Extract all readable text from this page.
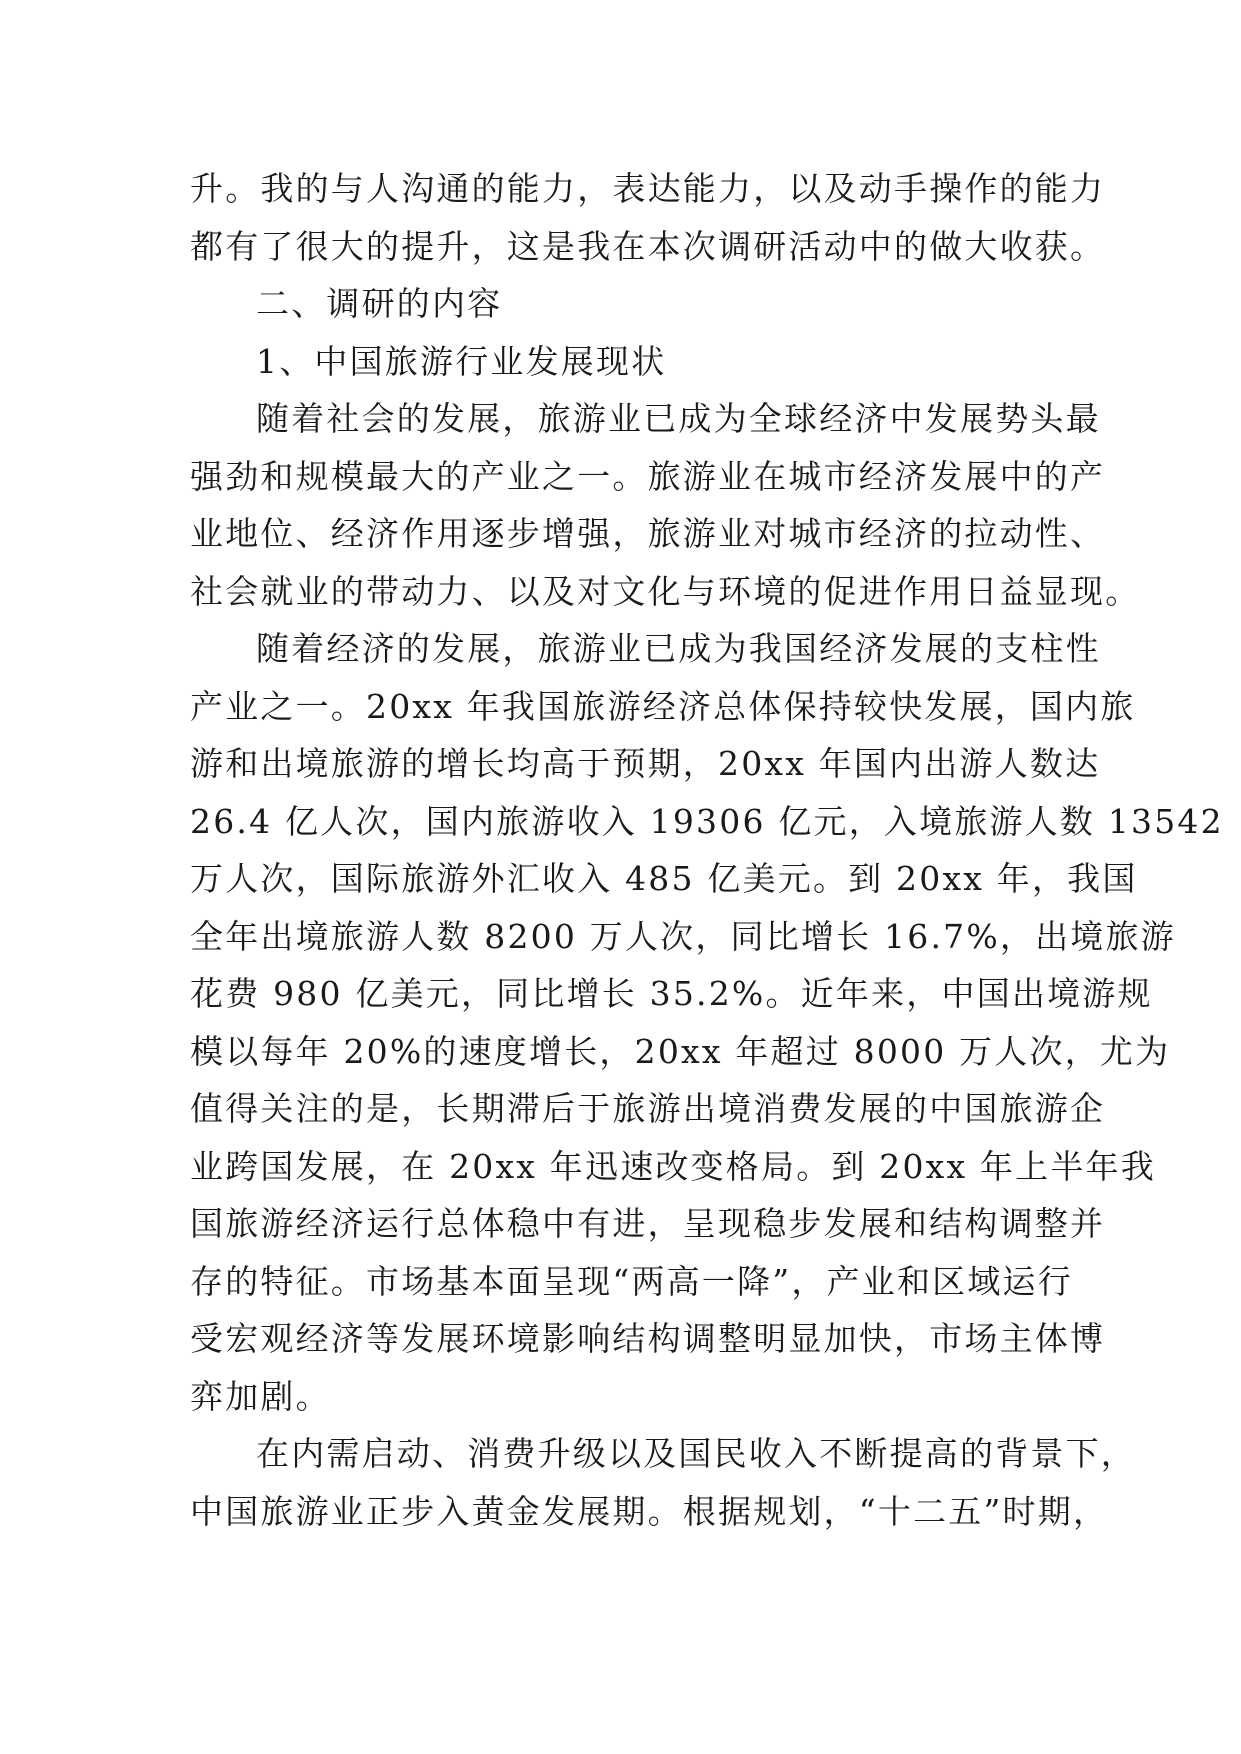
升。我的与人沟通的能力，表达能力，以及动手操作的能力
都有了很大的提升，这是我在本次调研活动中的做大收获。
二、调研的内容
1、中国旅游行业发展现状
随着社会的发展，旅游业已成为全球经济中发展势头最
强劲和规模最大的产业之一。旅游业在城市经济发展中的产
业地位、经济作用逐步增强，旅游业对城市经济的拉动性、
社会就业的带动力、以及对文化与环境的促进作用日益显现。
随着经济的发展，旅游业已成为我国经济发展的支柱性
产业之一。20xx 年我国旅游经济总体保持较快发展，国内旅
游和出境旅游的增长均高于预期，20xx 年国内出游人数达
26.4 亿人次，国内旅游收入 19306 亿元，入境旅游人数 13542
万人次，国际旅游外汇收入 485 亿美元。到 20xx 年，我国
全年出境旅游人数 8200 万人次，同比增长 16.7%，出境旅游
花费 980 亿美元，同比增长 35.2%。近年来，中国出境游规
模以每年 20%的速度增长，20xx 年超过 8000 万人次，尤为
值得关注的是，长期滞后于旅游出境消费发展的中国旅游企
业跨国发展，在 20xx 年迅速改变格局。到 20xx 年上半年我
国旅游经济运行总体稳中有进，呈现稳步发展和结构调整并
存的特征。市场基本面呈现“两高一降”，产业和区域运行
受宏观经济等发展环境影响结构调整明显加快，市场主体博
弈加剧。
在内需启动、消费升级以及国民收入不断提高的背景下，
中国旅游业正步入黄金发展期。根据规划，“十二五”时期，
